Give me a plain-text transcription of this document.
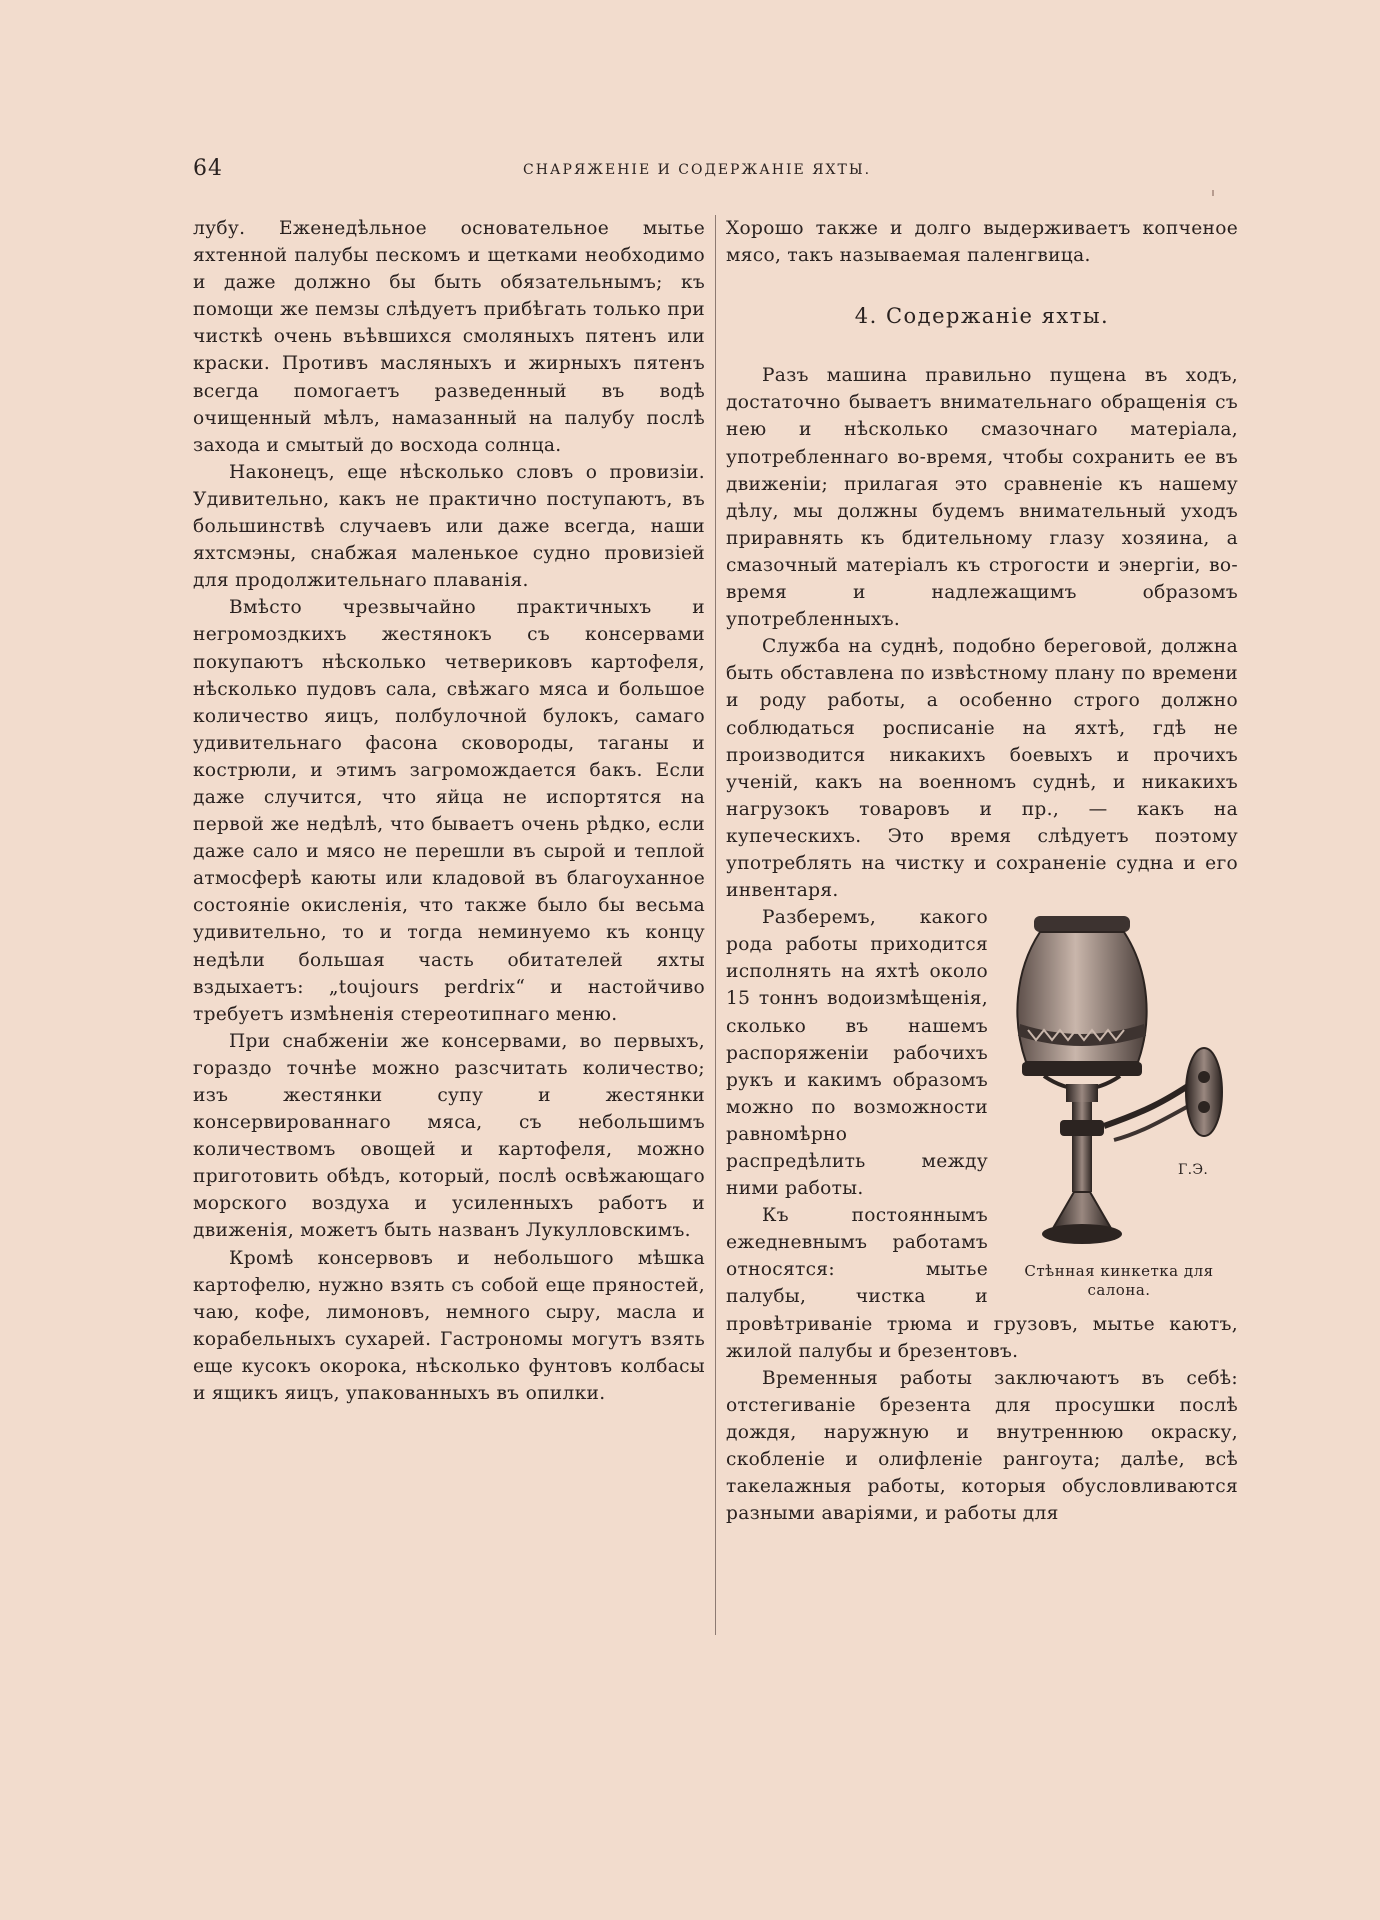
64	СНАРЯЖЕНІЕ И СОДЕРЖАНІЕ ЯХТЫ.

лубу. Еженедѣльное основательное мытье яхтенной палубы пескомъ и щетками необходимо и даже должно бы быть обязательнымъ; къ помощи же пемзы слѣдуетъ прибѣгать только при чисткѣ очень въѣвшихся смоляныхъ пятенъ или краски. Противъ масляныхъ и жирныхъ пятенъ всегда помогаетъ разведенный въ водѣ очищенный мѣлъ, намазанный на палубу послѣ захода и смытый до восхода солнца.

Наконецъ, еще нѣсколько словъ о провизіи. Удивительно, какъ не практично поступаютъ, въ большинствѣ случаевъ или даже всегда, наши яхтсмэны, снабжая маленькое судно провизіей для продолжительнаго плаванія.

Вмѣсто чрезвычайно практичныхъ и негромоздкихъ жестянокъ съ консервами покупаютъ нѣсколько четвериковъ картофеля, нѣсколько пудовъ сала, свѣжаго мяса и большое количество яицъ, полбулочной булокъ, самаго удивительнаго фасона сковороды, таганы и кострюли, и этимъ загромождается бакъ. Если даже случится, что яйца не испортятся на первой же недѣлѣ, что бываетъ очень рѣдко, если даже сало и мясо не перешли въ сырой и теплой атмосферѣ каюты или кладовой въ благоуханное состояніе окисленія, что также было бы весьма удивительно, то и тогда неминуемо къ концу недѣли большая часть обитателей яхты вздыхаетъ: „toujours perdrix“ и настойчиво требуетъ измѣненія стереотипнаго меню.

При снабженіи же консервами, во первыхъ, гораздо точнѣе можно разсчитать количество; изъ жестянки супу и жестянки консервированнаго мяса, съ небольшимъ количествомъ овощей и картофеля, можно приготовить обѣдъ, который, послѣ освѣжающаго морского воздуха и усиленныхъ работъ и движенія, можетъ быть названъ Лукулловскимъ.

Кромѣ консервовъ и небольшого мѣшка картофелю, нужно взять съ собой еще пряностей, чаю, кофе, лимоновъ, немного сыру, масла и корабельныхъ сухарей. Гастрономы могутъ взять еще кусокъ окорока, нѣсколько фунтовъ колбасы и ящикъ яицъ, упакованныхъ въ опилки.

Хорошо также и долго выдерживаетъ копченое мясо, такъ называемая паленгвица.

4. Содержаніе яхты.

Разъ машина правильно пущена въ ходъ, достаточно бываетъ внимательнаго обращенія съ нею и нѣсколько смазочнаго матеріала, употребленнаго во-время, чтобы сохранить ее въ движеніи; прилагая это сравненіе къ нашему дѣлу, мы должны будемъ внимательный уходъ приравнять къ бдительному глазу хозяина, а смазочный матеріалъ къ строгости и энергіи, во-время и надлежащимъ образомъ употребленныхъ.

Служба на суднѣ, подобно береговой, должна быть обставлена по извѣстному плану по времени и роду работы, а особенно строго должно соблюдаться росписаніе на яхтѣ, гдѣ не производится никакихъ боевыхъ и прочихъ ученій, какъ на военномъ суднѣ, и никакихъ нагрузокъ товаровъ и пр., — какъ на купеческихъ. Это время слѣдуетъ поэтому употреблять на чистку и сохраненіе судна и его инвентаря.

Г.Э.
Стѣнная кинкетка для салона.

Разберемъ, какого рода работы приходится исполнять на яхтѣ около 15 тоннъ водоизмѣщенія, сколько въ нашемъ распоряженіи рабочихъ рукъ и какимъ образомъ можно по возможности равномѣрно распредѣлить между ними работы.

Къ постояннымъ ежедневнымъ работамъ относятся: мытье палубы, чистка и провѣтриваніе трюма и грузовъ, мытье каютъ, жилой палубы и брезентовъ.

Временныя работы заключаютъ въ себѣ: отстегиваніе брезента для просушки послѣ дождя, наружную и внутреннюю окраску, скобленіе и олифленіе рангоута; далѣе, всѣ такелажныя работы, которыя обусловливаются разными аваріями, и работы для
